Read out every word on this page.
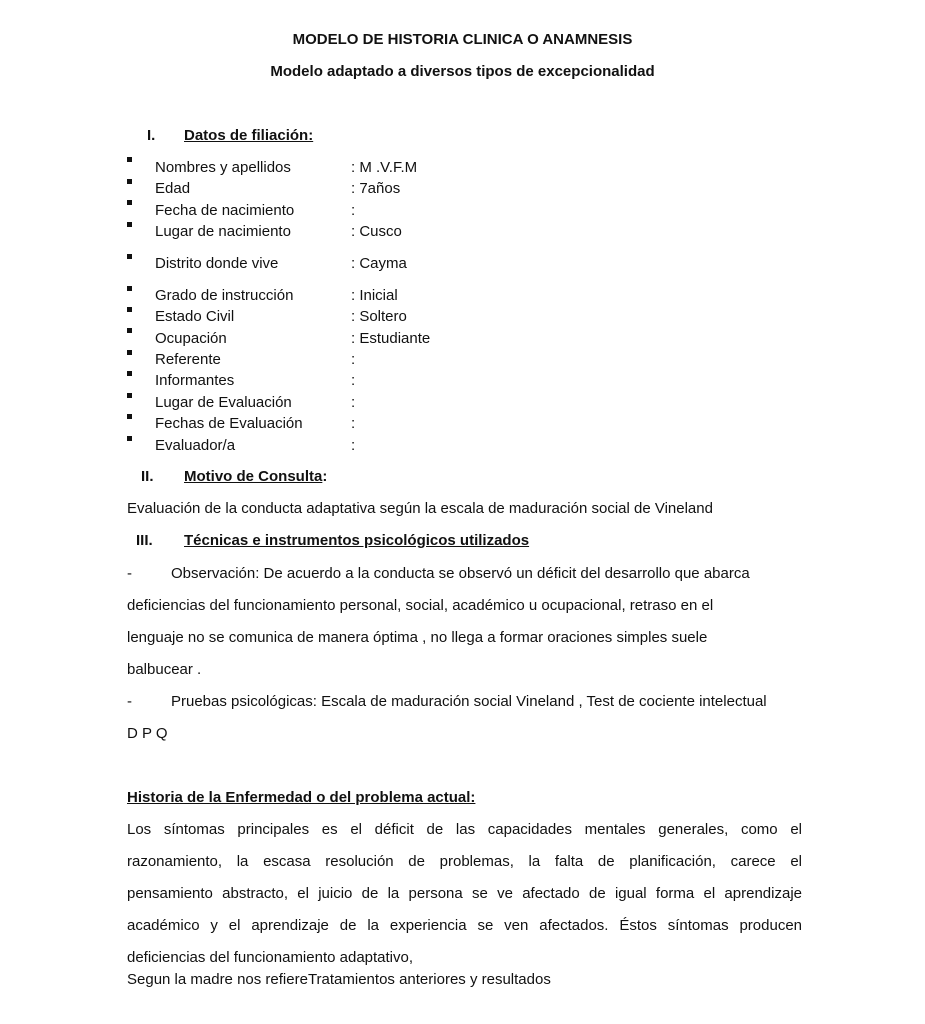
MODELO DE HISTORIA CLINICA O ANAMNESIS
Modelo adaptado a diversos tipos de excepcionalidad
I. Datos de filiación:
Nombres y apellidos	: M .V.F.M
Edad	: 7años
Fecha de nacimiento	:
Lugar de nacimiento	: Cusco
Distrito donde vive	: Cayma
Grado de instrucción	: Inicial
Estado Civil	: Soltero
Ocupación	: Estudiante
Referente	:
Informantes	:
Lugar de Evaluación	:
Fechas de Evaluación	:
Evaluador/a	:
II. Motivo de Consulta:
Evaluación de la conducta adaptativa según la escala de maduración social de Vineland
III. Técnicas e instrumentos psicológicos utilizados
-	Observación: De acuerdo a la conducta se observó un déficit del desarrollo que abarca
deficiencias del funcionamiento personal, social, académico u ocupacional, retraso en el
lenguaje no se comunica de manera óptima , no llega a formar oraciones simples suele
balbucear .
-	Pruebas psicológicas: Escala de maduración social Vineland , Test de cociente intelectual
D P Q
Historia de la Enfermedad o del problema actual:
Los síntomas principales es el déficit de las capacidades mentales generales, como el
razonamiento, la escasa resolución de problemas, la falta de planificación, carece el
pensamiento abstracto, el juicio de la persona se ve afectado de igual forma el aprendizaje
académico y el aprendizaje de la experiencia se ven afectados. Éstos síntomas producen
deficiencias del funcionamiento adaptativo,
Segun la madre nos refiereTratamientos anteriores y resultados
